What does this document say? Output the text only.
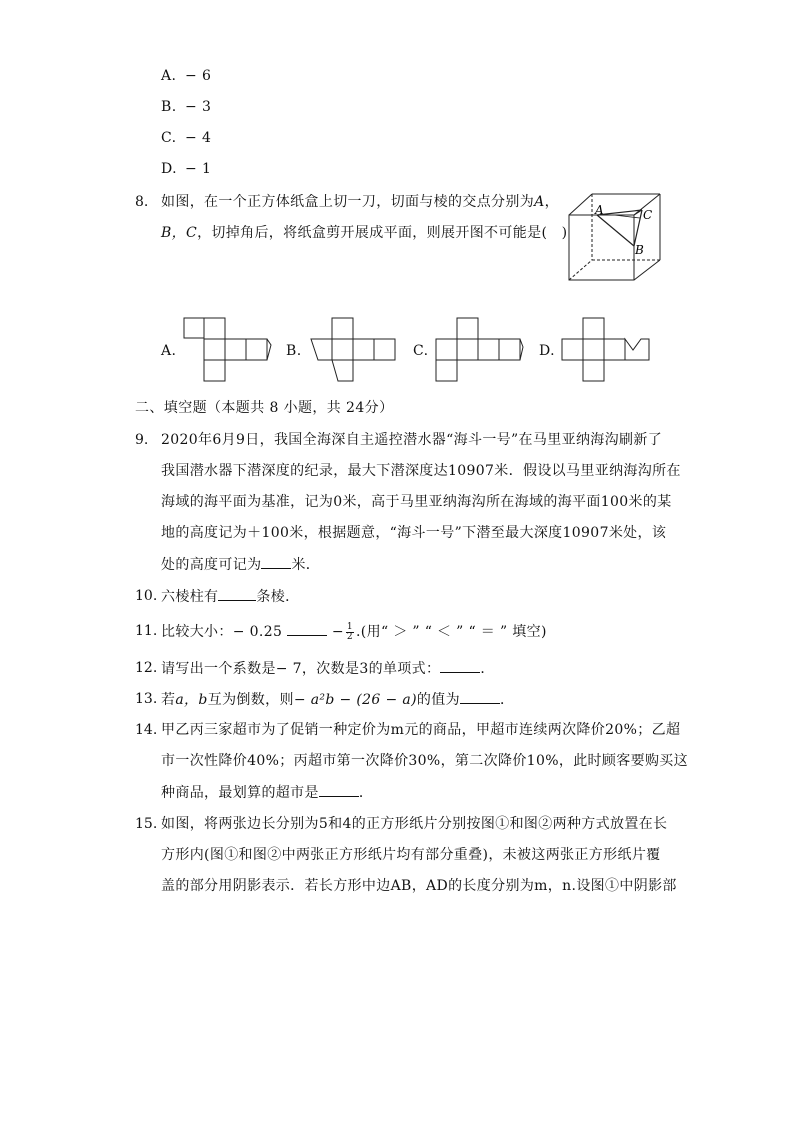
A. − 6
B. − 3
C. − 4
D. − 1
8. 如图，在一个正方体纸盒上切一刀，切面与棱的交点分别为A，
B，C，切掉角后，将纸盒剪开展成平面，则展开图不可能是(　)
A	C
B
A.	B.	C.	D.
二、填空题（本题共 8 小题，共 24分）
9. 2020年6月9日，我国全海深自主遥控潜水器“海斗一号”在马里亚纳海沟刷新了
我国潜水器下潜深度的纪录，最大下潜深度达10907米．假设以马里亚纳海沟所在
海域的海平面为基准，记为0米，高于马里亚纳海沟所在海域的海平面100米的某
地的高度记为＋100米，根据题意，“海斗一号”下潜至最大深度10907米处，该
处的高度可记为 米．
10. 六棱柱有	条棱．
11. 比较大小：− 0.25	− $\frac{1}{2}$ .(用“ ＞ ” “ ＜ ” “ ＝ ” 填空)
12. 请写出一个系数是− 7，次数是3的单项式：	．
13. 若a，b互为倒数，则− a²b − (26 − a)的值为	．
14. 甲乙丙三家超市为了促销一种定价为m元的商品，甲超市连续两次降价20%；乙超
市一次性降价40%；丙超市第一次降价30%，第二次降价10%，此时顾客要购买这
种商品，最划算的超市是	．
15. 如图，将两张边长分别为5和4的正方形纸片分别按图①和图②两种方式放置在长
方形内(图①和图②中两张正方形纸片均有部分重叠)，未被这两张正方形纸片覆
盖的部分用阴影表示．若长方形中边AB，AD的长度分别为m，n.设图①中阴影部
